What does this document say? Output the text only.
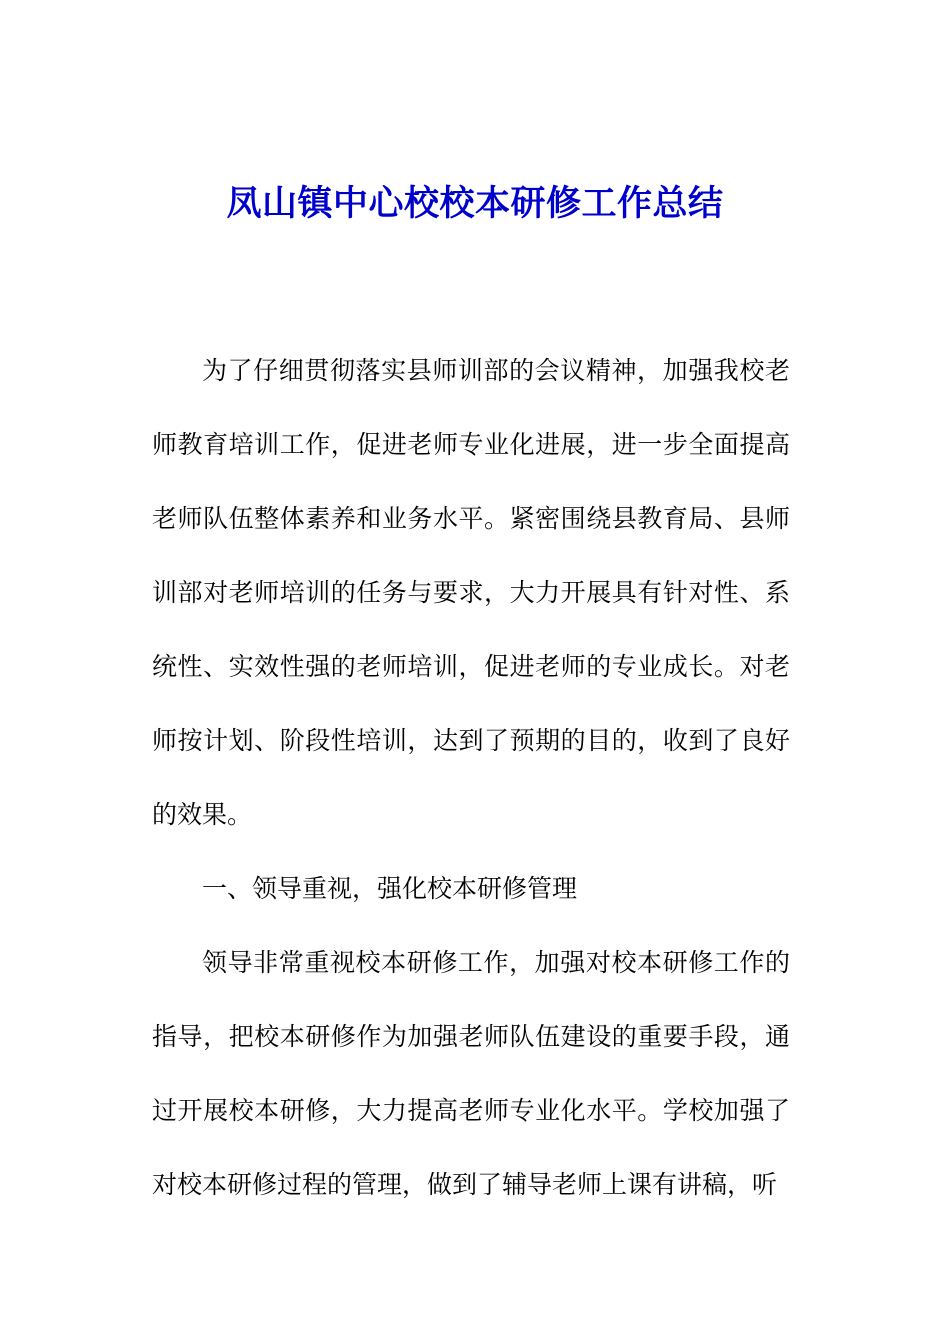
凤山镇中心校校本研修工作总结

为了仔细贯彻落实县师训部的会议精神，加强我校老师教育培训工作，促进老师专业化进展，进一步全面提高老师队伍整体素养和业务水平。紧密围绕县教育局、县师训部对老师培训的任务与要求，大力开展具有针对性、系统性、实效性强的老师培训，促进老师的专业成长。对老师按计划、阶段性培训，达到了预期的目的，收到了良好的效果。

一、领导重视，强化校本研修管理

领导非常重视校本研修工作，加强对校本研修工作的指导，把校本研修作为加强老师队伍建设的重要手段，通过开展校本研修，大力提高老师专业化水平。学校加强了对校本研修过程的管理，做到了辅导老师上课有讲稿，听
